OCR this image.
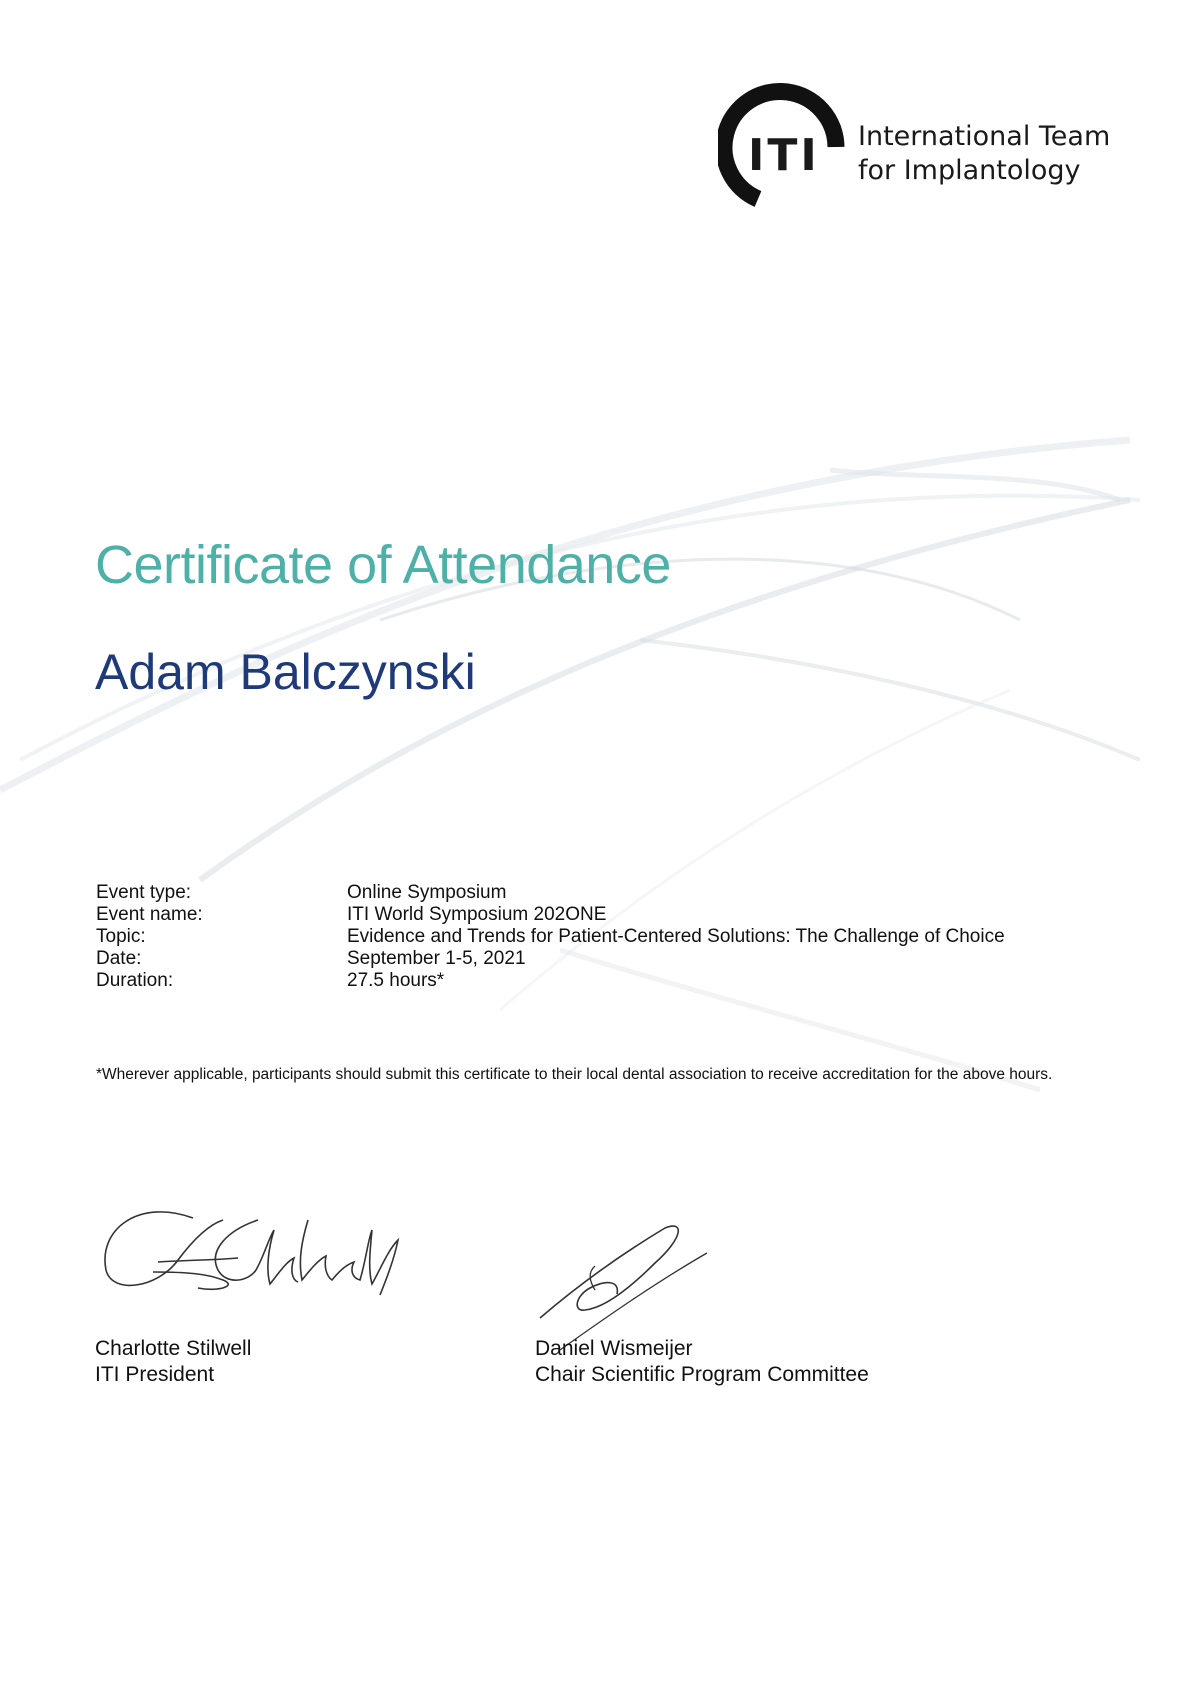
ITI International Team
for Implantology
Certificate of Attendance
Adam Balczynski
Event type:	Online Symposium
Event name:	ITI World Symposium 202ONE
Topic:	Evidence and Trends for Patient-Centered Solutions: The Challenge of Choice
Date:	September 1-5, 2021
Duration:	27.5 hours*
*Wherever applicable, participants should submit this certificate to their local dental association to receive accreditation for the above hours.
Charlotte Stilwell
ITI President
Daniel Wismeijer
Chair Scientific Program Committee
